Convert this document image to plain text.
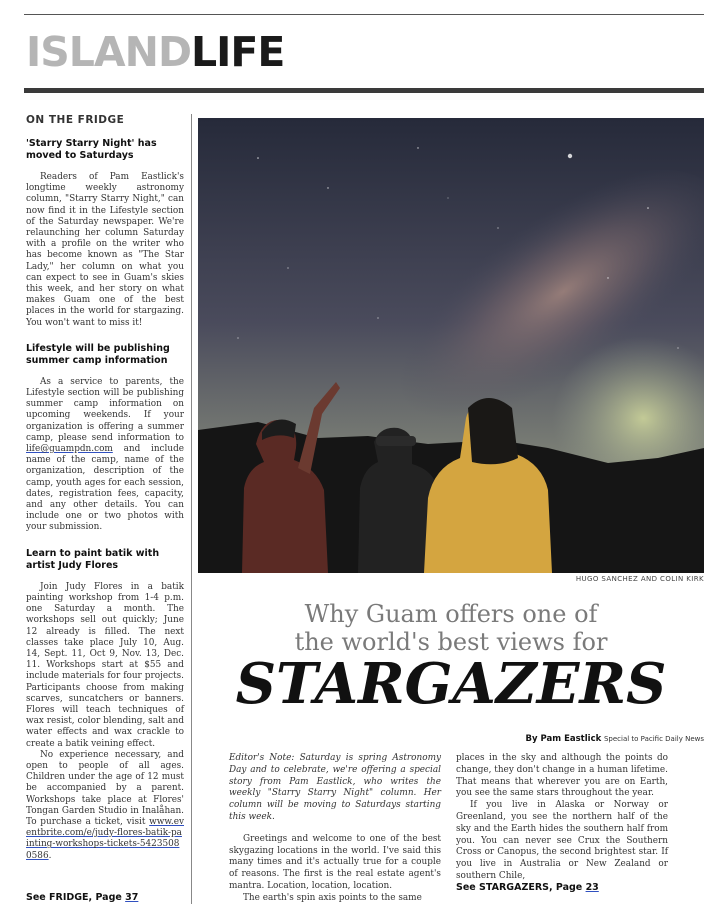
ISLANDLIFE
ON THE FRIDGE
'Starry Starry Night' has moved to Saturdays

Readers of Pam Eastlick's longtime weekly astronomy column, "Starry Starry Night," can now find it in the Lifestyle section of the Saturday newspaper. We're relaunching her column Saturday with a profile on the writer who has become known as "The Star Lady," her column on what you can expect to see in Guam's skies this week, and her story on what makes Guam one of the best places in the world for stargazing. You won't want to miss it!

Lifestyle will be publishing summer camp information

As a service to parents, the Lifestyle section will be publishing summer camp information on upcoming weekends. If your organization is offering a summer camp, please send information to life@guampdn.com and include name of the camp, name of the organization, description of the camp, youth ages for each session, dates, registration fees, capacity, and any other details. You can include one or two photos with your submission.

Learn to paint batik with artist Judy Flores

Join Judy Flores in a batik painting workshop from 1-4 p.m. one Saturday a month. The workshops sell out quickly; June 12 already is filled. The next classes take place July 10, Aug. 14, Sept. 11, Oct 9, Nov. 13, Dec. 11. Workshops start at $55 and include materials for four projects. Participants choose from making scarves, suncatchers or banners. Flores will teach techniques of wax resist, color blending, salt and water effects and wax crackle to create a batik veining effect.

No experience necessary, and open to people of all ages. Children under the age of 12 must be accompanied by a parent. Workshops take place at Flores' Tongan Garden Studio in Inalåhan. To purchase a ticket, visit www.eventbrite.com/e/judy-flores-batik-painting-workshops-tickets-54235080586.

See FRIDGE, Page 37
HUGO SANCHEZ AND COLIN KIRK
Why Guam offers one of
the world's best views for
STARGAZERS
By Pam Eastlick Special to Pacific Daily News

Editor's Note: Saturday is spring Astronomy Day and to celebrate, we're offering a special story from Pam Eastlick, who writes the weekly "Starry Starry Night" column. Her column will be moving to Saturdays starting this week.

Greetings and welcome to one of the best skygazing locations in the world. I've said this many times and it's actually true for a couple of reasons. The first is the real estate agent's mantra. Location, location, location.

The earth's spin axis points to the same

places in the sky and although the points do change, they don't change in a human lifetime. That means that wherever you are on Earth, you see the same stars throughout the year.

If you live in Alaska or Norway or Greenland, you see the northern half of the sky and the Earth hides the southern half from you. You can never see Crux the Southern Cross or Canopus, the second brightest star. If you live in Australia or New Zealand or southern Chile,

See STARGAZERS, Page 23
